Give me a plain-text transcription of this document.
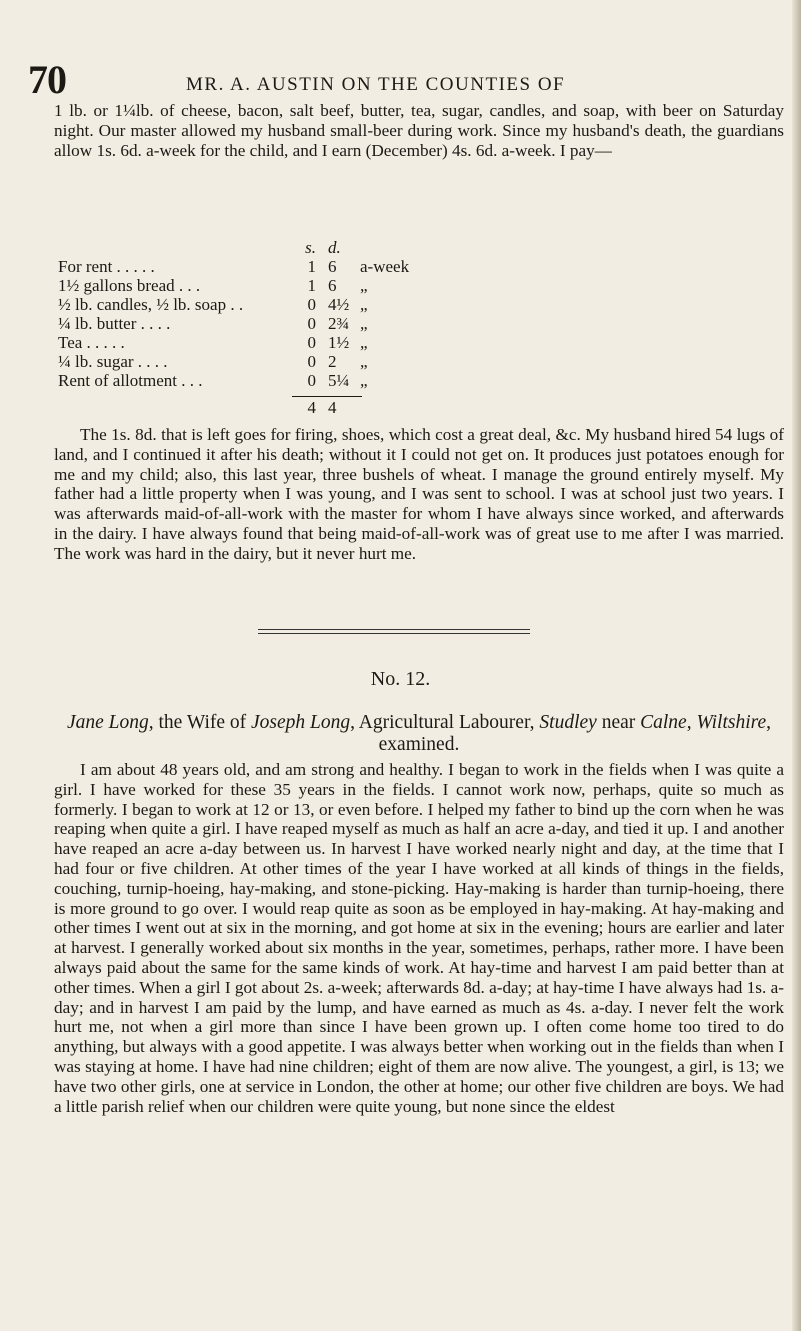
70	MR. A. AUSTIN ON THE COUNTIES OF

1 lb. or 1¼lb. of cheese, bacon, salt beef, butter, tea, sugar, candles, and soap, with beer on Saturday night. Our master allowed my husband small-beer during work. Since my husband's death, the guardians allow 1s. 6d. a-week for the child, and I earn (December) 4s. 6d. a-week. I pay—

s. d.
For rent . . . . .	1 6	a-week
1½ gallons bread . . .	1 6	„
½ lb. candles, ½ lb. soap . .	0 4½ „
¼ lb. butter . . . .	0 2¾ „
Tea . . . . .	0 1½ „
¼ lb. sugar . . . .	0 2	„
Rent of allotment . . .	0 5¼ „
4 4

The 1s. 8d. that is left goes for firing, shoes, which cost a great deal, &c. My husband hired 54 lugs of land, and I continued it after his death; without it I could not get on. It produces just potatoes enough for me and my child; also, this last year, three bushels of wheat. I manage the ground entirely myself. My father had a little property when I was young, and I was sent to school. I was at school just two years. I was afterwards maid-of-all-work with the master for whom I have always since worked, and afterwards in the dairy. I have always found that being maid-of-all-work was of great use to me after I was married. The work was hard in the dairy, but it never hurt me.

No. 12.

Jane Long, the Wife of Joseph Long, Agricultural Labourer, Studley near Calne, Wiltshire, examined.

I am about 48 years old, and am strong and healthy. I began to work in the fields when I was quite a girl. I have worked for these 35 years in the fields. I cannot work now, perhaps, quite so much as formerly. I began to work at 12 or 13, or even before. I helped my father to bind up the corn when he was reaping when quite a girl. I have reaped myself as much as half an acre a-day, and tied it up. I and another have reaped an acre a-day between us. In harvest I have worked nearly night and day, at the time that I had four or five children. At other times of the year I have worked at all kinds of things in the fields, couching, turnip-hoeing, hay-making, and stone-picking. Hay-making is harder than turnip-hoeing, there is more ground to go over. I would reap quite as soon as be employed in hay-making. At hay-making and other times I went out at six in the morning, and got home at six in the evening; hours are earlier and later at harvest. I generally worked about six months in the year, sometimes, perhaps, rather more. I have been always paid about the same for the same kinds of work. At hay-time and harvest I am paid better than at other times. When a girl I got about 2s. a-week; afterwards 8d. a-day; at hay-time I have always had 1s. a-day; and in harvest I am paid by the lump, and have earned as much as 4s. a-day. I never felt the work hurt me, not when a girl more than since I have been grown up. I often come home too tired to do anything, but always with a good appetite. I was always better when working out in the fields than when I was staying at home. I have had nine children; eight of them are now alive. The youngest, a girl, is 13; we have two other girls, one at service in London, the other at home; our other five children are boys. We had a little parish relief when our children were quite young, but none since the eldest
